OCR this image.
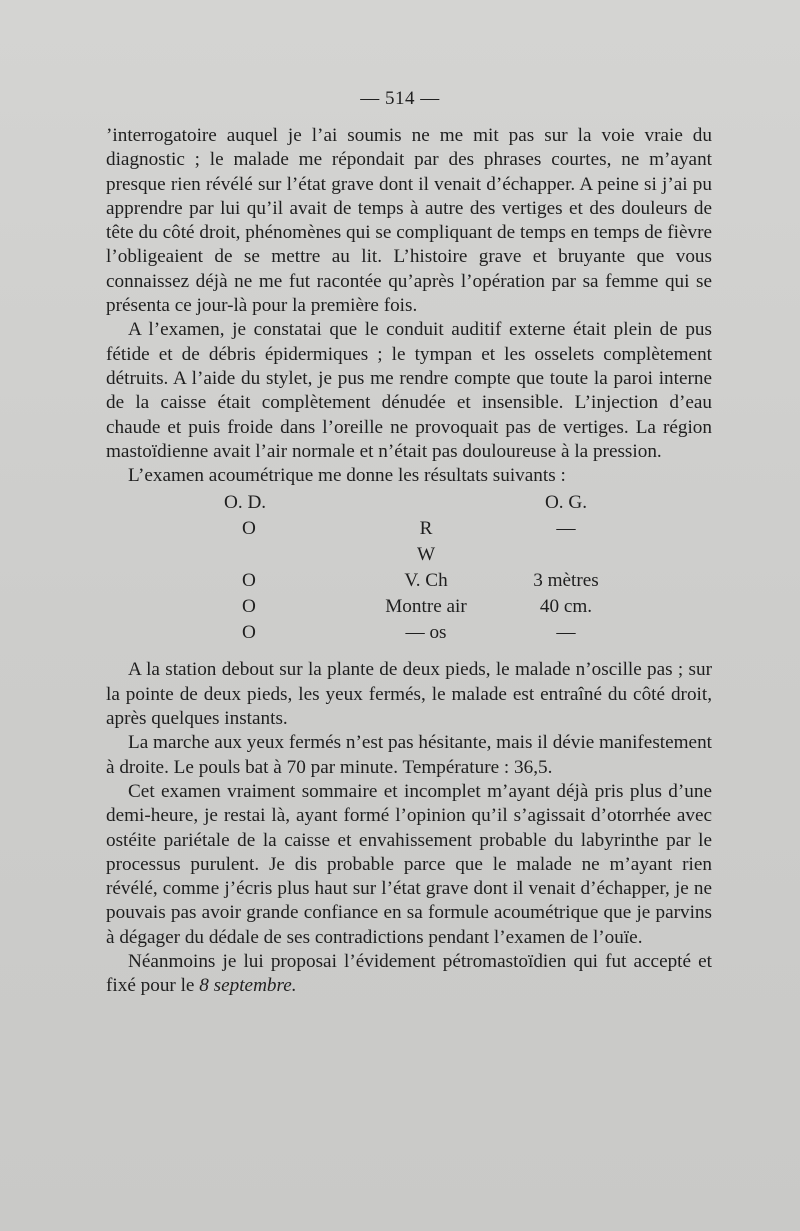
— 514 —

’interrogatoire auquel je l’ai soumis ne me mit pas sur la voie vraie du diagnostic ; le malade me répondait par des phrases courtes, ne m’ayant presque rien révélé sur l’état grave dont il venait d’échapper. A peine si j’ai pu apprendre par lui qu’il avait de temps à autre des vertiges et des douleurs de tête du côté droit, phénomènes qui se compliquant de temps en temps de fièvre l’obligeaient de se mettre au lit. L’histoire grave et bruyante que vous connaissez déjà ne me fut racontée qu’après l’opération par sa femme qui se présenta ce jour-là pour la première fois.

A l’examen, je constatai que le conduit auditif externe était plein de pus fétide et de débris épidermiques ; le tympan et les osselets complètement détruits. A l’aide du stylet, je pus me rendre compte que toute la paroi interne de la caisse était complètement dénudée et insensible. L’injection d’eau chaude et puis froide dans l’oreille ne provoquait pas de vertiges. La région mastoïdienne avait l’air normale et n’était pas douloureuse à la pression.

L’examen acoumétrique me donne les résultats suivants :

O. D.
O
O
O
O
R
W
V. Ch
Montre air
— os
O. G.
—
3 mètres
40 cm.
—

A la station debout sur la plante de deux pieds, le malade n’oscille pas ; sur la pointe de deux pieds, les yeux fermés, le malade est entraîné du côté droit, après quelques instants.

La marche aux yeux fermés n’est pas hésitante, mais il dévie manifestement à droite. Le pouls bat à 70 par minute. Température : 36,5.

Cet examen vraiment sommaire et incomplet m’ayant déjà pris plus d’une demi-heure, je restai là, ayant formé l’opinion qu’il s’agissait d’otorrhée avec ostéite pariétale de la caisse et envahissement probable du labyrinthe par le processus purulent. Je dis probable parce que le malade ne m’ayant rien révélé, comme j’écris plus haut sur l’état grave dont il venait d’échapper, je ne pouvais pas avoir grande confiance en sa formule acoumétrique que je parvins à dégager du dédale de ses contradictions pendant l’examen de l’ouïe.

Néanmoins je lui proposai l’évidement pétromastoïdien qui fut accepté et fixé pour le 8 septembre.
